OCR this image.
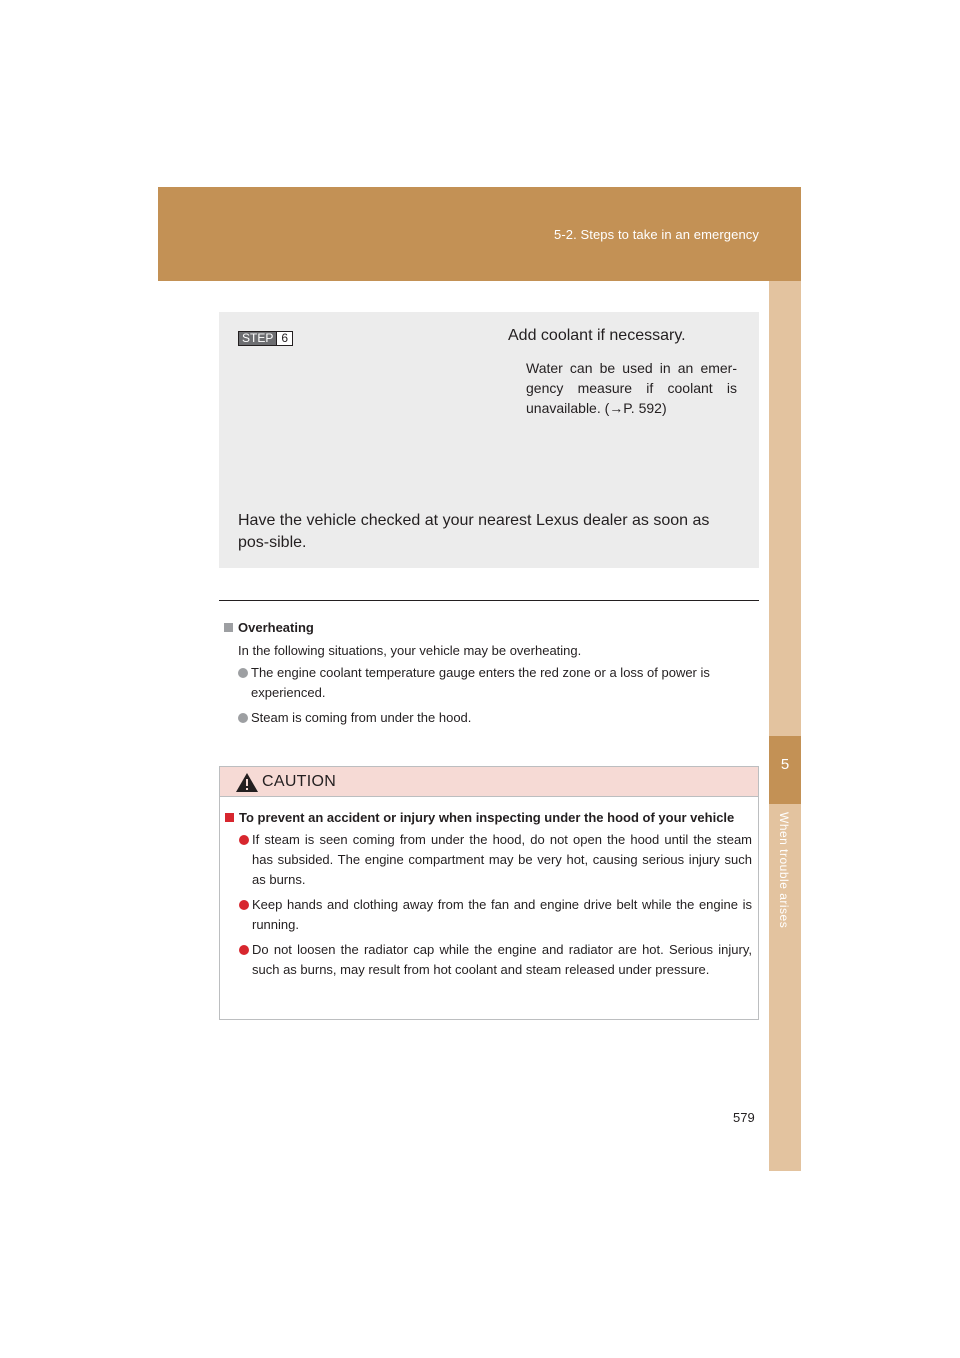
5-2. Steps to take in an emergency
5
When trouble arises
STEP 6	Add coolant if necessary.
Water can be used in an emer-gency measure if coolant is unavailable. (→P. 592)
Have the vehicle checked at your nearest Lexus dealer as soon as pos-sible.
Overheating
In the following situations, your vehicle may be overheating.
The engine coolant temperature gauge enters the red zone or a loss of power is experienced.
Steam is coming from under the hood.
CAUTION
To prevent an accident or injury when inspecting under the hood of your vehicle
If steam is seen coming from under the hood, do not open the hood until the steam has subsided. The engine compartment may be very hot, causing serious injury such as burns.
Keep hands and clothing away from the fan and engine drive belt while the engine is running.
Do not loosen the radiator cap while the engine and radiator are hot. Serious injury, such as burns, may result from hot coolant and steam released under pressure.
579
